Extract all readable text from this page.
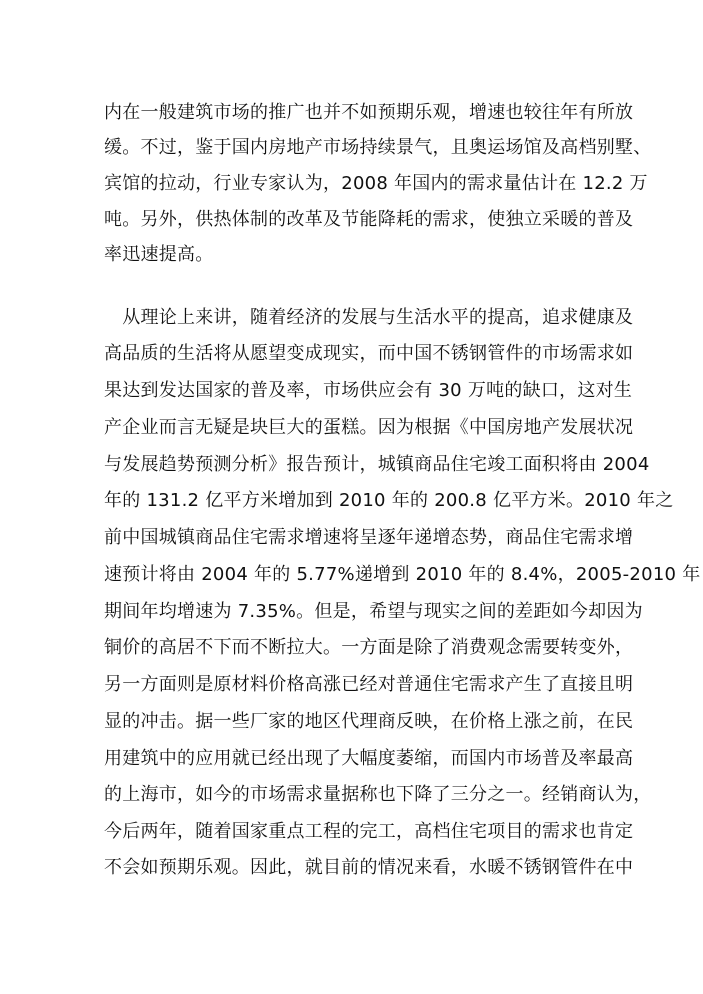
内在一般建筑市场的推广也并不如预期乐观，增速也较往年有所放
缓。不过，鉴于国内房地产市场持续景气，且奥运场馆及高档别墅、
宾馆的拉动，行业专家认为，2008 年国内的需求量估计在 12.2 万
吨。另外，供热体制的改革及节能降耗的需求，使独立采暖的普及
率迅速提高。
　从理论上来讲，随着经济的发展与生活水平的提高，追求健康及
高品质的生活将从愿望变成现实，而中国不锈钢管件的市场需求如
果达到发达国家的普及率，市场供应会有 30 万吨的缺口，这对生
产企业而言无疑是块巨大的蛋糕。因为根据《中国房地产发展状况
与发展趋势预测分析》报告预计，城镇商品住宅竣工面积将由 2004
年的 131.2 亿平方米增加到 2010 年的 200.8 亿平方米。2010 年之
前中国城镇商品住宅需求增速将呈逐年递增态势，商品住宅需求增
速预计将由 2004 年的 5.77%递增到 2010 年的 8.4%，2005-2010 年
期间年均增速为 7.35%。但是，希望与现实之间的差距如今却因为
铜价的高居不下而不断拉大。一方面是除了消费观念需要转变外，
另一方面则是原材料价格高涨已经对普通住宅需求产生了直接且明
显的冲击。据一些厂家的地区代理商反映，在价格上涨之前，在民
用建筑中的应用就已经出现了大幅度萎缩，而国内市场普及率最高
的上海市，如今的市场需求量据称也下降了三分之一。经销商认为，
今后两年，随着国家重点工程的完工，高档住宅项目的需求也肯定
不会如预期乐观。因此，就目前的情况来看，水暖不锈钢管件在中
